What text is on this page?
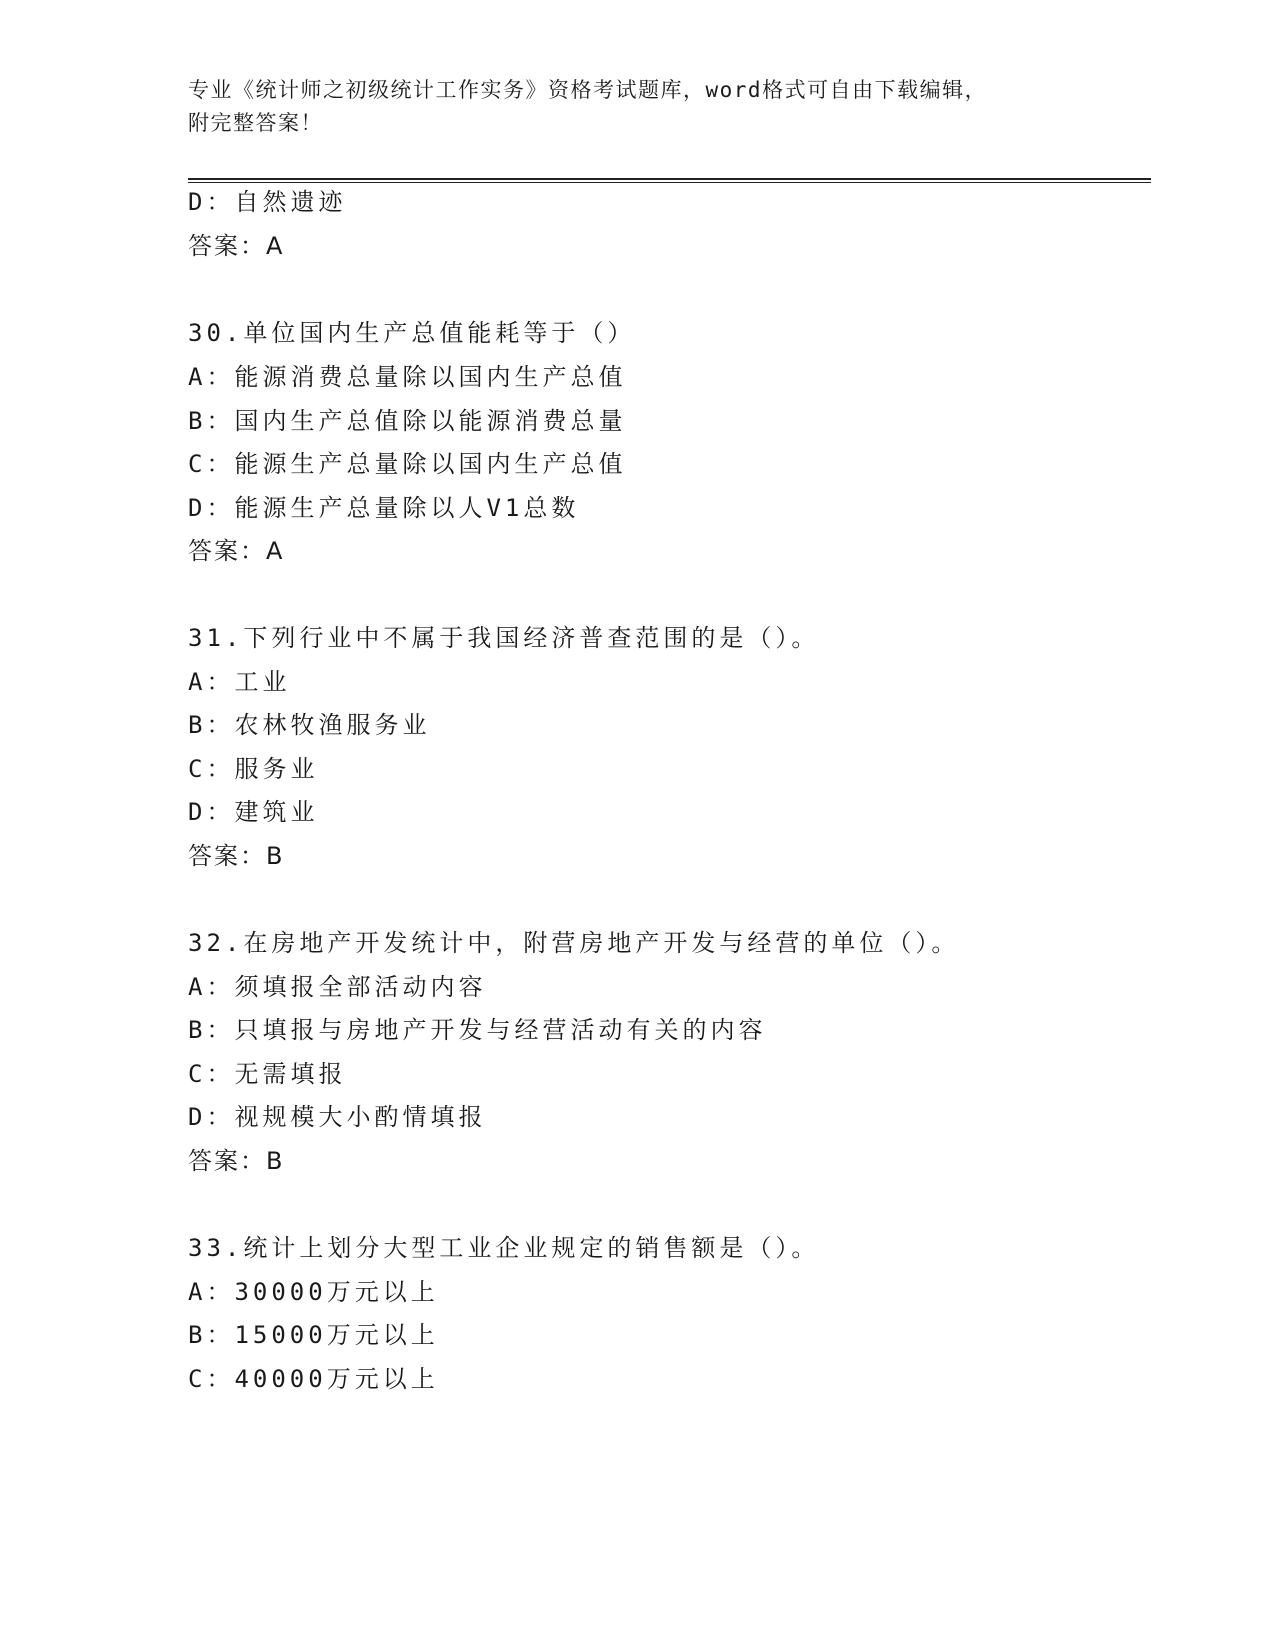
专业《统计师之初级统计工作实务》资格考试题库，word格式可自由下载编辑，
附完整答案！
D：自然遗迹
答案：A
30.单位国内生产总值能耗等于（）
A：能源消费总量除以国内生产总值
B：国内生产总值除以能源消费总量
C：能源生产总量除以国内生产总值
D：能源生产总量除以人V1总数
答案：A
31.下列行业中不属于我国经济普查范围的是（）。
A：工业
B：农林牧渔服务业
C：服务业
D：建筑业
答案：B
32.在房地产开发统计中，附营房地产开发与经营的单位（）。
A：须填报全部活动内容
B：只填报与房地产开发与经营活动有关的内容
C：无需填报
D：视规模大小酌情填报
答案：B
33.统计上划分大型工业企业规定的销售额是（）。
A：30000万元以上
B：15000万元以上
C：40000万元以上
